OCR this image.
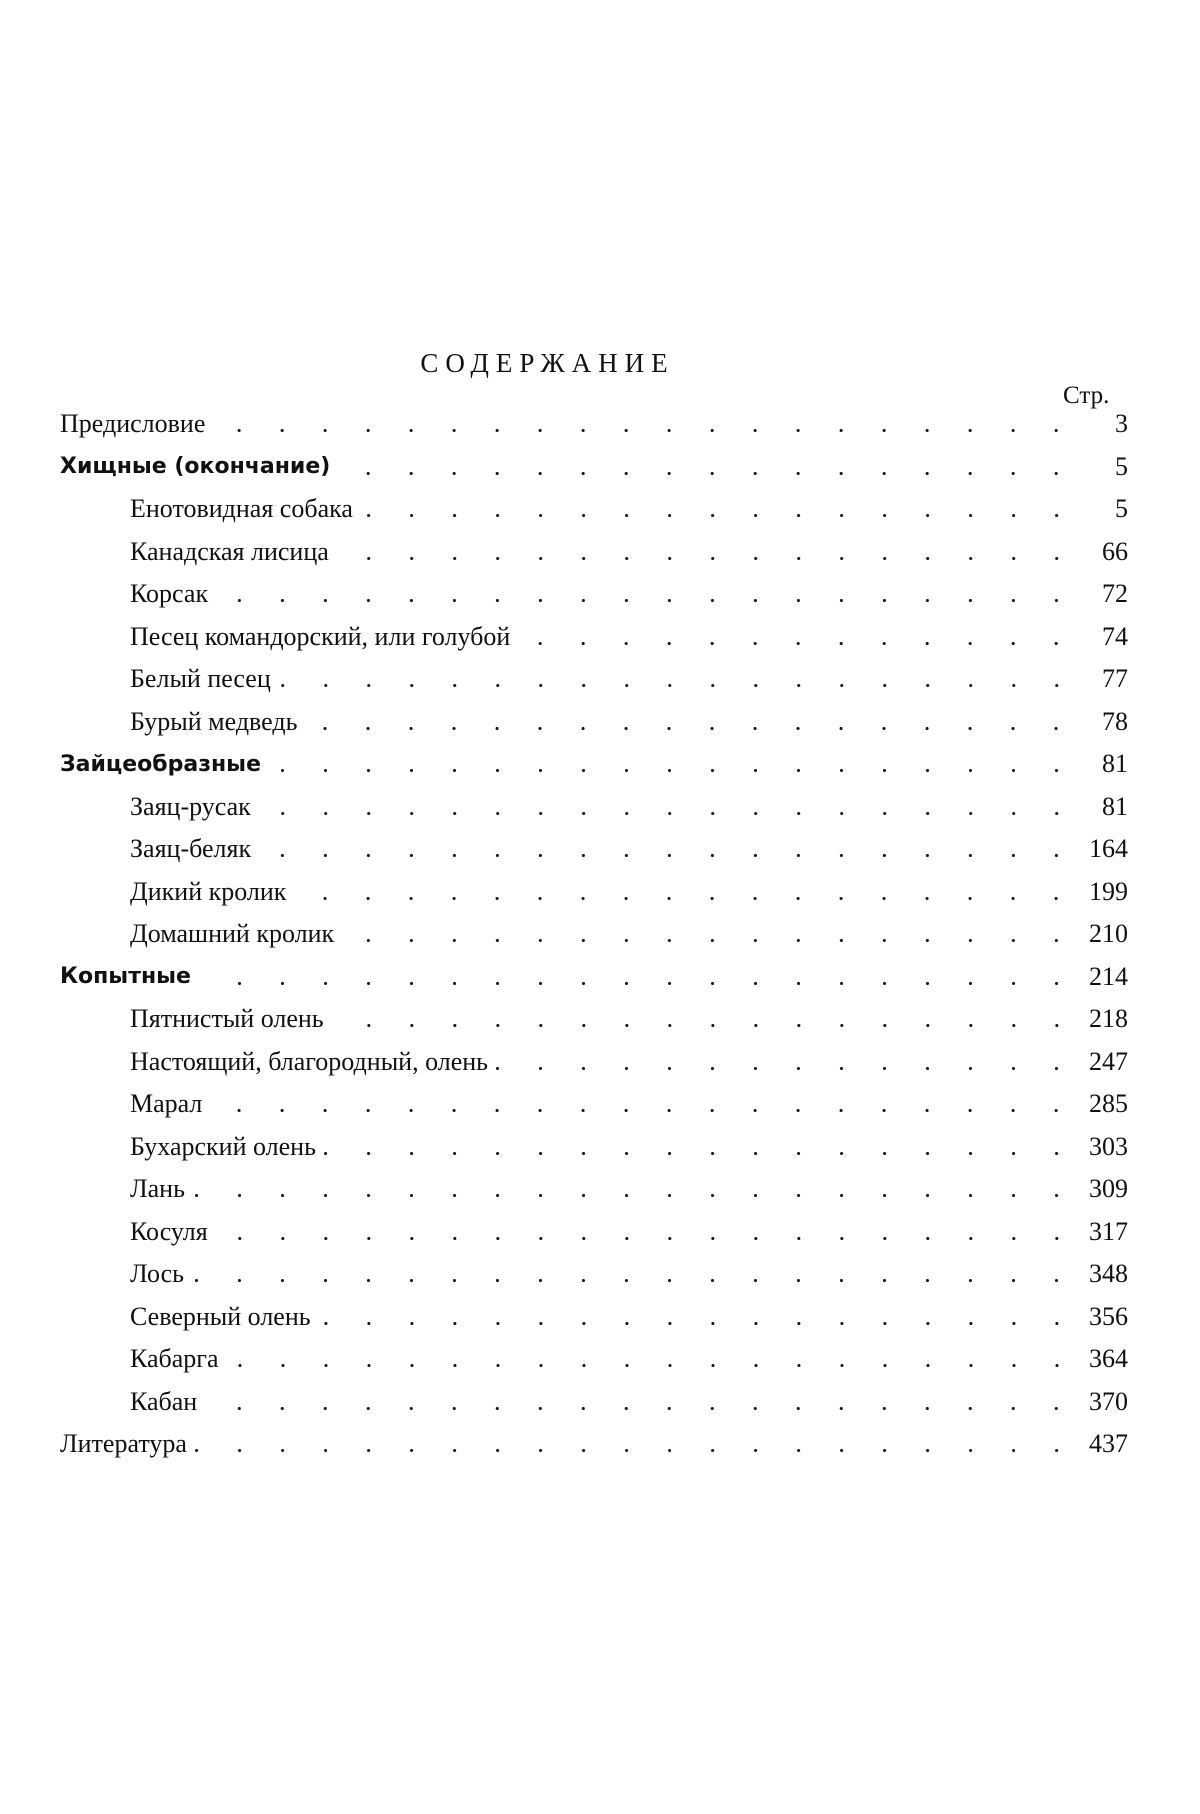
СОДЕРЖАНИЕ
Стр.
Предисловие	3
Хищные (окончание)	5
Енотовидная собака	5
Канадская лисица	66
Корсак	72
Песец командорский, или голубой	74
Белый песец	77
Бурый медведь	78
Зайцеобразные	81
Заяц-русак	81
Заяц-беляк	164
Дикий кролик	199
Домашний кролик	210
Копытные	214
Пятнистый олень	218
Настоящий, благородный, олень	247
Марал	285
Бухарский олень	303
Лань	309
Косуля	317
Лось	348
Северный олень	356
Кабарга	364
Кабан	370
Литература	437
